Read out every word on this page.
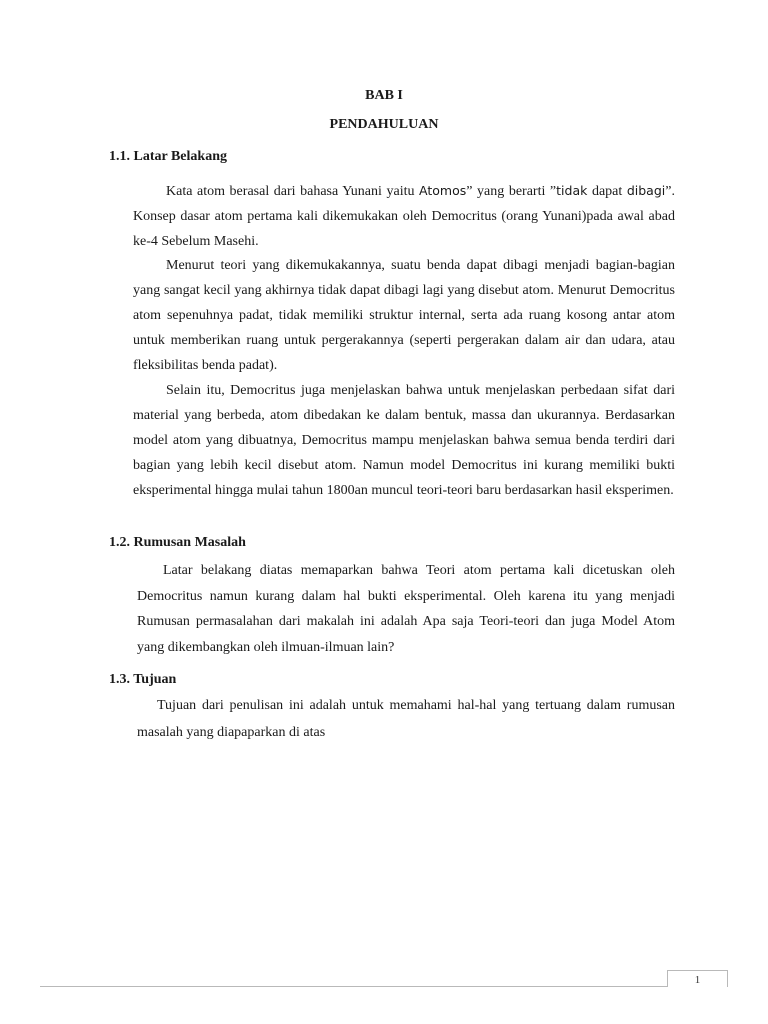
BAB I
PENDAHULUAN
1.1. Latar Belakang

Kata atom berasal dari bahasa Yunani yaitu Atomos” yang berarti ”tidak dapat dibagi”. Konsep dasar atom pertama kali dikemukakan oleh Democritus (orang Yunani)pada awal abad ke-4 Sebelum Masehi.

Menurut teori yang dikemukakannya, suatu benda dapat dibagi menjadi bagian-bagian yang sangat kecil yang akhirnya tidak dapat dibagi lagi yang disebut atom. Menurut Democritus atom sepenuhnya padat, tidak memiliki struktur internal, serta ada ruang kosong antar atom untuk memberikan ruang untuk pergerakannya (seperti pergerakan dalam air dan udara, atau fleksibilitas benda padat).

Selain itu, Democritus juga menjelaskan bahwa untuk menjelaskan perbedaan sifat dari material yang berbeda, atom dibedakan ke dalam bentuk, massa dan ukurannya. Berdasarkan model atom yang dibuatnya, Democritus mampu menjelaskan bahwa semua benda terdiri dari bagian yang lebih kecil disebut atom. Namun model Democritus ini kurang memiliki bukti eksperimental hingga mulai tahun 1800an muncul teori-teori baru berdasarkan hasil eksperimen.

1.2. Rumusan Masalah

Latar belakang diatas memaparkan bahwa Teori atom pertama kali dicetuskan oleh Democritus namun kurang dalam hal bukti eksperimental. Oleh karena itu yang menjadi Rumusan permasalahan dari makalah ini adalah Apa saja Teori-teori dan juga Model Atom yang dikembangkan oleh ilmuan-ilmuan lain?

1.3. Tujuan

Tujuan dari penulisan ini adalah untuk memahami hal-hal yang tertuang dalam rumusan masalah yang diapaparkan di atas

1
